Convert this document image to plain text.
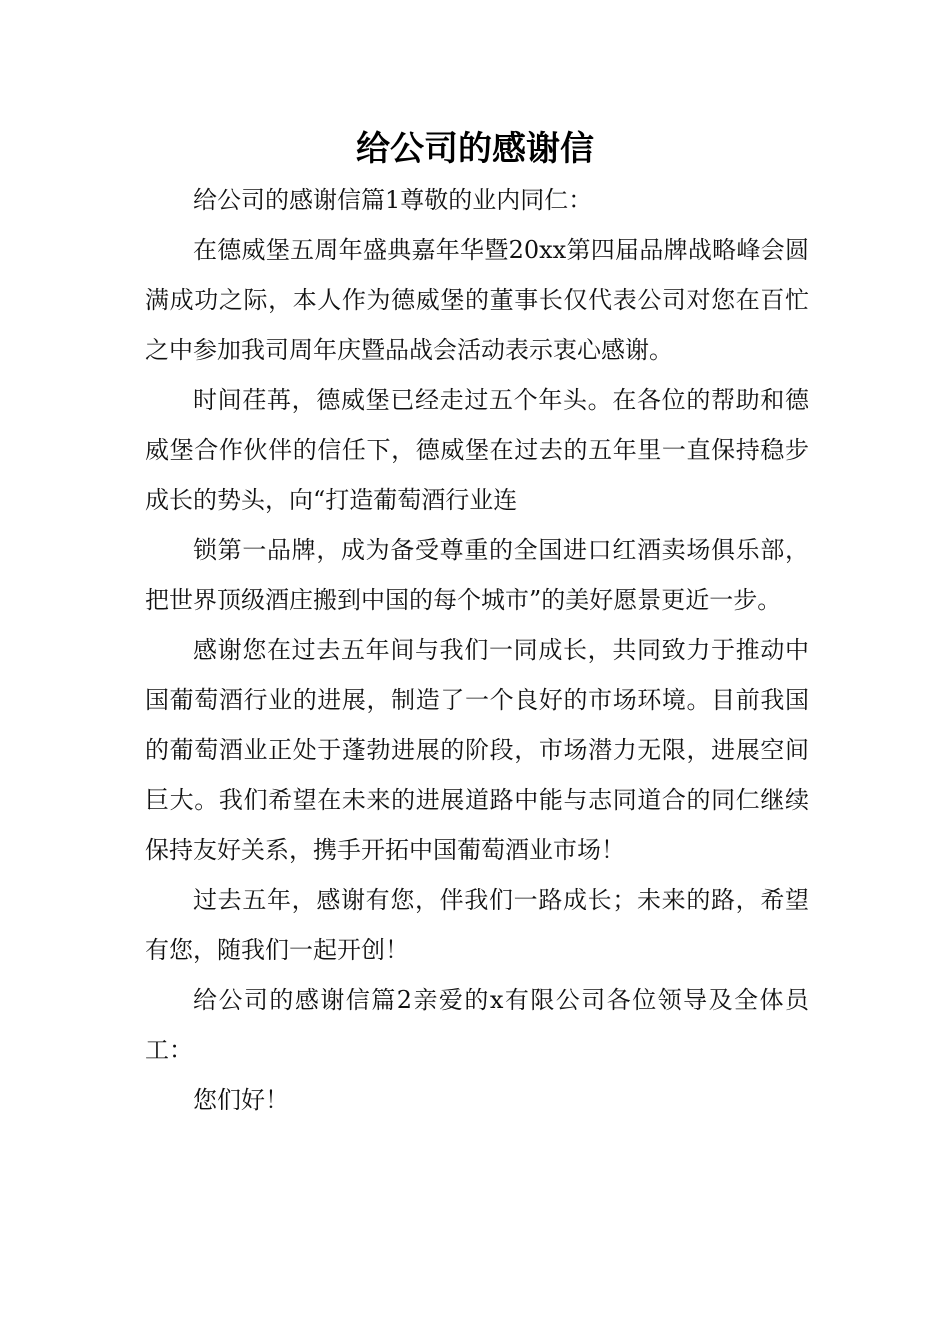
给公司的感谢信

给公司的感谢信篇1尊敬的业内同仁：

在德威堡五周年盛典嘉年华暨20xx第四届品牌战略峰会圆满成功之际，本人作为德威堡的董事长仅代表公司对您在百忙之中参加我司周年庆暨品战会活动表示衷心感谢。

时间荏苒，德威堡已经走过五个年头。在各位的帮助和德威堡合作伙伴的信任下，德威堡在过去的五年里一直保持稳步成长的势头，向“打造葡萄酒行业连

锁第一品牌，成为备受尊重的全国进口红酒卖场俱乐部，把世界顶级酒庄搬到中国的每个城市”的美好愿景更近一步。

感谢您在过去五年间与我们一同成长，共同致力于推动中国葡萄酒行业的进展，制造了一个良好的市场环境。目前我国的葡萄酒业正处于蓬勃进展的阶段，市场潜力无限，进展空间巨大。我们希望在未来的进展道路中能与志同道合的同仁继续保持友好关系，携手开拓中国葡萄酒业市场！

过去五年，感谢有您，伴我们一路成长；未来的路，希望有您，随我们一起开创！

给公司的感谢信篇2亲爱的x有限公司各位领导及全体员工：

您们好！
